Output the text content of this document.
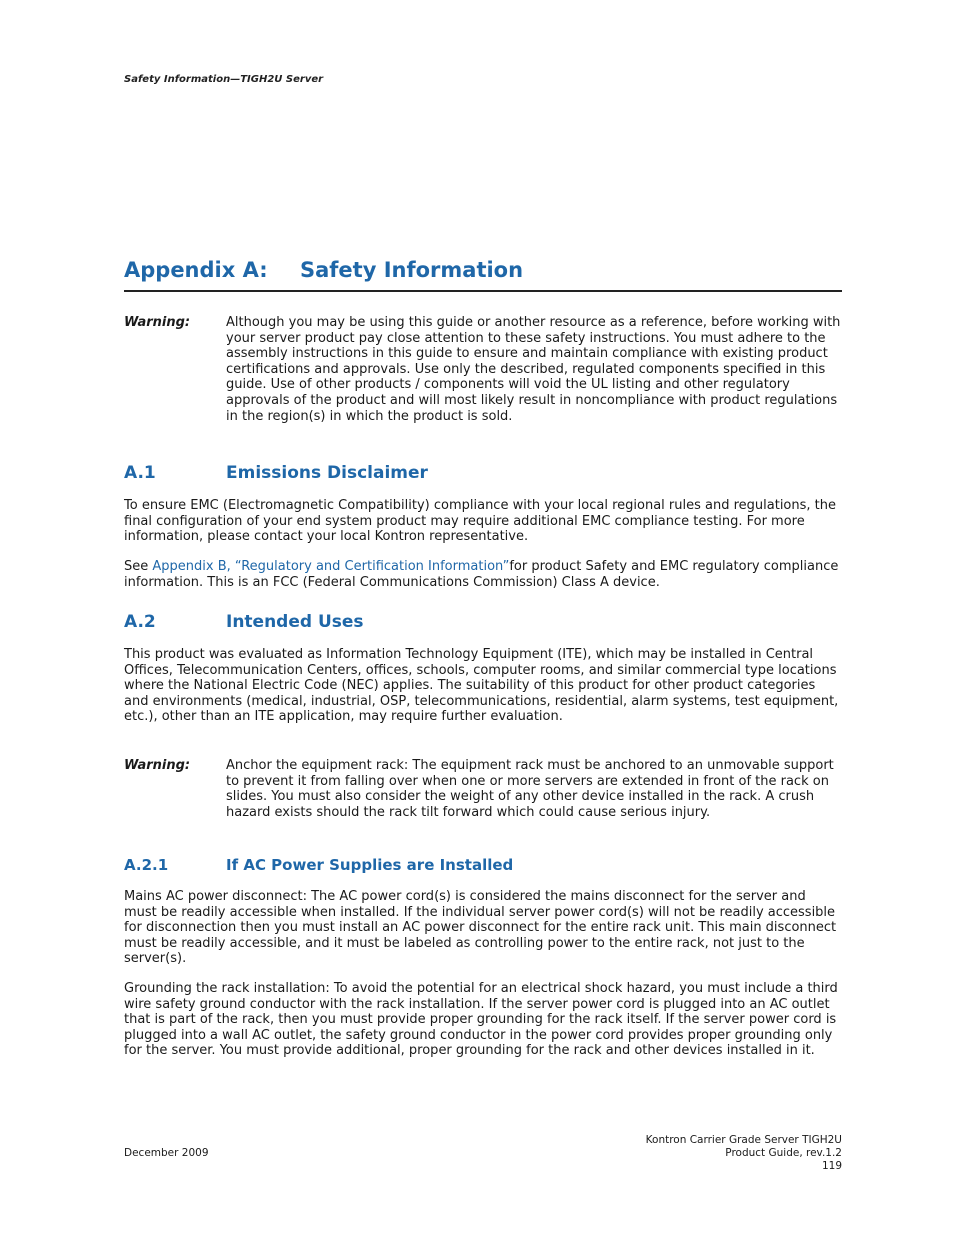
Safety Information—TIGH2U Server
Appendix A: Safety Information
Warning:	Although you may be using this guide or another resource as a reference, before working with your server product pay close attention to these safety instructions. You must adhere to the assembly instructions in this guide to ensure and maintain compliance with existing product certifications and approvals. Use only the described, regulated components specified in this guide. Use of other products / components will void the UL listing and other regulatory approvals of the product and will most likely result in noncompliance with product regulations in the region(s) in which the product is sold.
A.1	Emissions Disclaimer
To ensure EMC (Electromagnetic Compatibility) compliance with your local regional rules and regulations, the final configuration of your end system product may require additional EMC compliance testing. For more information, please contact your local Kontron representative.
See Appendix B, “Regulatory and Certification Information”for product Safety and EMC regulatory compliance information. This is an FCC (Federal Communications Commission) Class A device.
A.2	Intended Uses
This product was evaluated as Information Technology Equipment (ITE), which may be installed in Central Offices, Telecommunication Centers, offices, schools, computer rooms, and similar commercial type locations where the National Electric Code (NEC) applies. The suitability of this product for other product categories and environments (medical, industrial, OSP, telecommunications, residential, alarm systems, test equipment, etc.), other than an ITE application, may require further evaluation.
Warning:	Anchor the equipment rack: The equipment rack must be anchored to an unmovable support to prevent it from falling over when one or more servers are extended in front of the rack on slides. You must also consider the weight of any other device installed in the rack. A crush hazard exists should the rack tilt forward which could cause serious injury.
A.2.1	If AC Power Supplies are Installed
Mains AC power disconnect: The AC power cord(s) is considered the mains disconnect for the server and must be readily accessible when installed. If the individual server power cord(s) will not be readily accessible for disconnection then you must install an AC power disconnect for the entire rack unit. This main disconnect must be readily accessible, and it must be labeled as controlling power to the entire rack, not just to the server(s).
Grounding the rack installation: To avoid the potential for an electrical shock hazard, you must include a third wire safety ground conductor with the rack installation. If the server power cord is plugged into an AC outlet that is part of the rack, then you must provide proper grounding for the rack itself. If the server power cord is plugged into a wall AC outlet, the safety ground conductor in the power cord provides proper grounding only for the server. You must provide additional, proper grounding for the rack and other devices installed in it.
December 2009
Kontron Carrier Grade Server TIGH2U
Product Guide, rev.1.2
119
